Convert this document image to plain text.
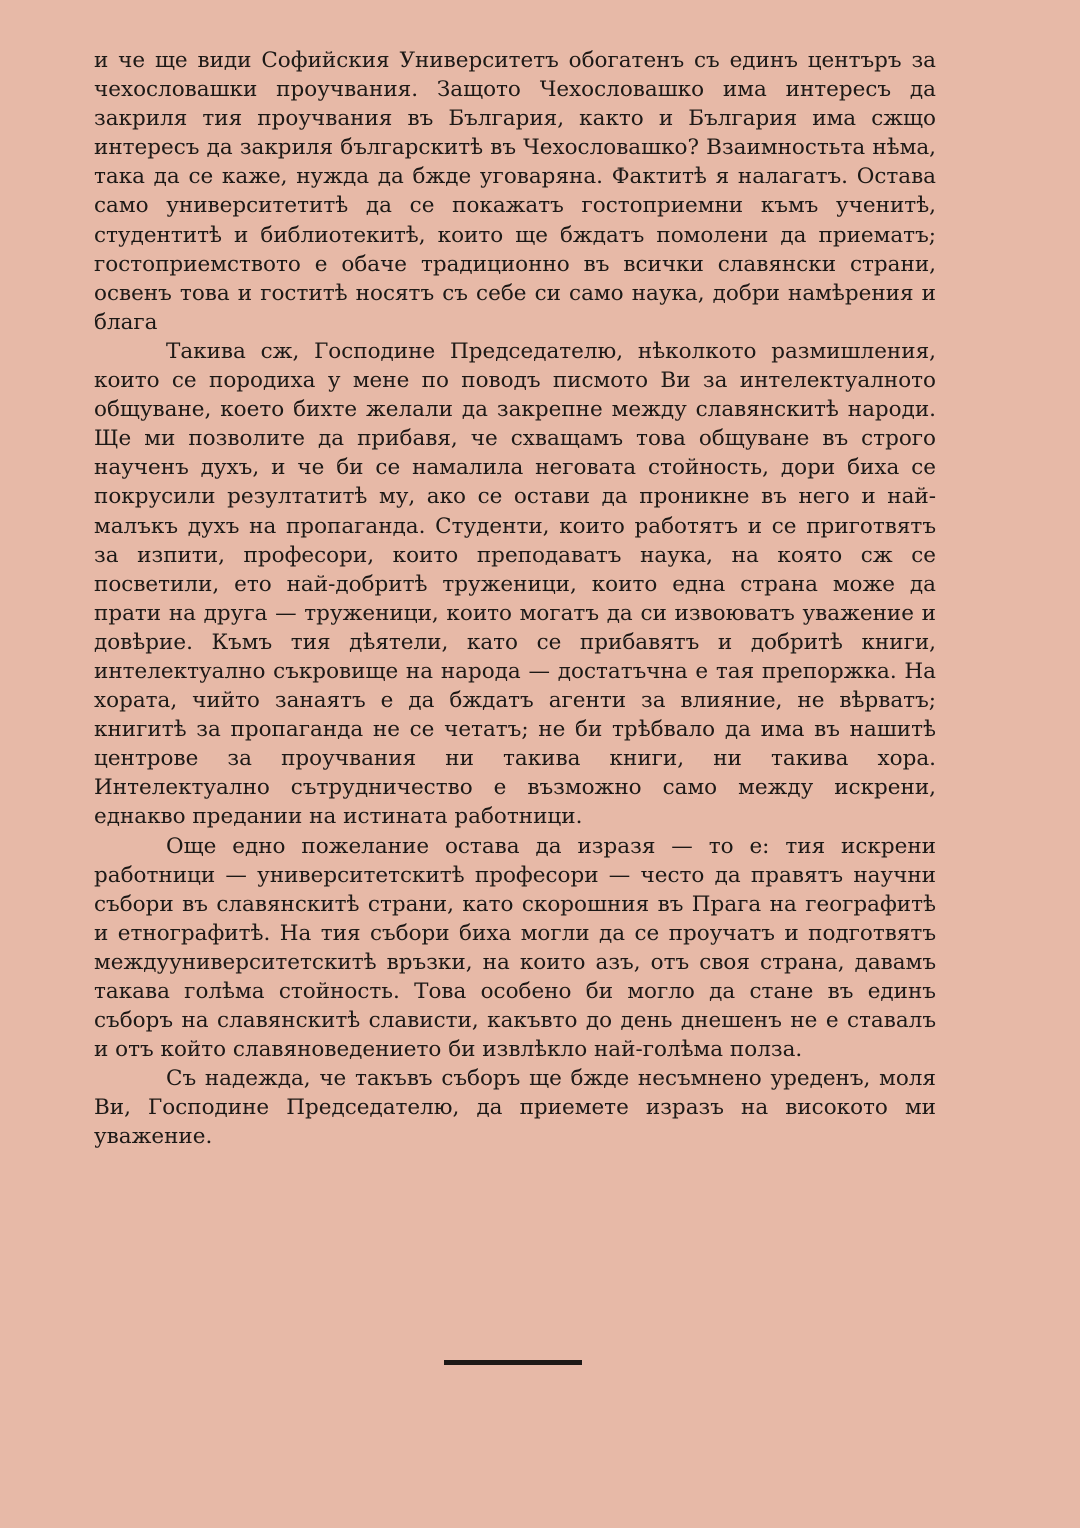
и че ще види Софийския Университетъ обогатенъ съ единъ центъръ за чехословашки проучвания. Защото Чехословашко има интересъ да закриля тия проучвания въ България, както и България има сжщо интересъ да закриля българскитѣ въ Чехословашко? Взаимностьта нѣма, така да се каже, нужда да бжде уговаряна. Фактитѣ я налагатъ. Остава само университетитѣ да се покажатъ гостоприемни къмъ ученитѣ, студентитѣ и библиотекитѣ, които ще бждатъ помолени да приематъ; гостоприемството е обаче традиционно въ всички славянски страни, освенъ това и гоститѣ носятъ съ себе си само наука, добри намѣрения и блага

Такива сж, Господине Председателю, нѣколкото размишления, които се породиха у мене по поводъ писмото Ви за интелектуалното общуване, което бихте желали да закрепне между славянскитѣ народи. Ще ми позволите да прибавя, че схващамъ това общуване въ строго наученъ духъ, и че би се намалила неговата стойность, дори биха се покрусили резултатитѣ му, ако се остави да проникне въ него и най-малъкъ духъ на пропаганда. Студенти, които работятъ и се приготвятъ за изпити, професори, които преподаватъ наука, на която сж се посветили, ето най-добритѣ труженици, които една страна може да прати на друга — труженици, които могатъ да си извоюватъ уважение и довѣрие. Къмъ тия дѣятели, като се прибавятъ и добритѣ книги, интелектуално съкровище на народа — достатъчна е тая препоржка. На хората, чийто занаятъ е да бждатъ агенти за влияние, не вѣрватъ; книгитѣ за пропаганда не се четатъ; не би трѣбвало да има въ нашитѣ центрове за проучвания ни такива книги, ни такива хора. Интелектуално сътрудничество е възможно само между искрени, еднакво предании на истината работници.

Още едно пожелание остава да изразя — то е: тия искрени работници — университетскитѣ професори — често да правятъ научни събори въ славянскитѣ страни, като скорошния въ Прага на географитѣ и етнографитѣ. На тия събори биха могли да се проучатъ и подготвятъ междууниверситетскитѣ връзки, на които азъ, отъ своя страна, давамъ такава голѣма стойность. Това особено би могло да стане въ единъ съборъ на славянскитѣ слависти, какъвто до день днешенъ не е ставалъ и отъ който славяноведението би извлѣкло най-голѣма полза.

Съ надежда, че такъвъ съборъ ще бжде несъмнено уреденъ, моля Ви, Господине Председателю, да приемете изразъ на високото ми уважение.
